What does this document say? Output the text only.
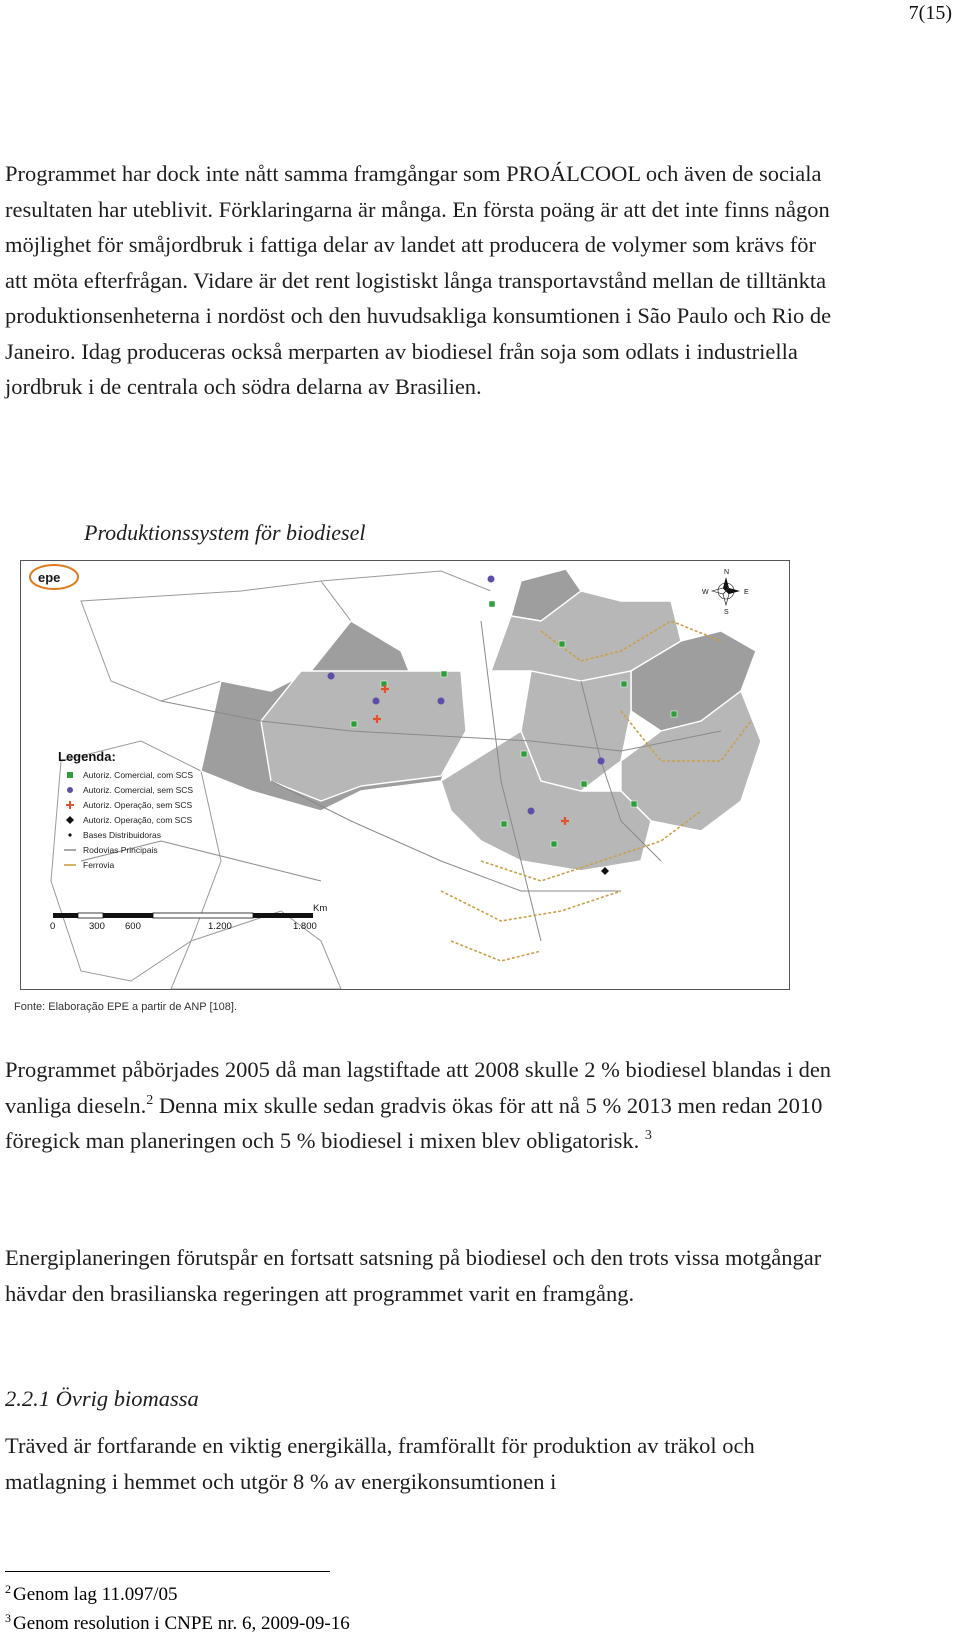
7(15)

Programmet har dock inte nått samma framgångar som PROÁLCOOL och även de sociala resultaten har uteblivit. Förklaringarna är många. En första poäng är att det inte finns någon möjlighet för småjordbruk i fattiga delar av landet att producera de volymer som krävs för att möta efterfrågan. Vidare är det rent logistiskt långa transportavstånd mellan de tilltänkta produktionsenheterna i nordöst och den huvudsakliga konsumtionen i São Paulo och Rio de Janeiro. Idag produceras också merparten av biodiesel från soja som odlats i industriella jordbruk i de centrala och södra delarna av Brasilien.

Produktionssystem för biodiesel
epe	N
S
W	E
Legenda:
Autoriz. Comercial, com SCS
Autoriz. Comercial, sem SCS
Autoriz. Operação, sem SCS
Autoriz. Operação, com SCS
Bases Distribuidoras
Rodovias Principais
Ferrovia
Km
0	300 600	1.200	1.800
Fonte: Elaboração EPE a partir de ANP [108].

Programmet påbörjades 2005 då man lagstiftade att 2008 skulle 2 % biodiesel blandas i den vanliga dieseln.$^2$ Denna mix skulle sedan gradvis ökas för att nå 5 % 2013 men redan 2010 föregick man planeringen och 5 % biodiesel i mixen blev obligatorisk. $^3$

Energiplaneringen förutspår en fortsatt satsning på biodiesel och den trots vissa motgångar hävdar den brasilianska regeringen att programmet varit en framgång.

2.2.1 Övrig biomassa

Träved är fortfarande en viktig energikälla, framförallt för produktion av träkol och matlagning i hemmet och utgör 8 % av energikonsumtionen i

$^2$ Genom lag 11.097/05
$^3$ Genom resolution i CNPE nr. 6, 2009-09-16
